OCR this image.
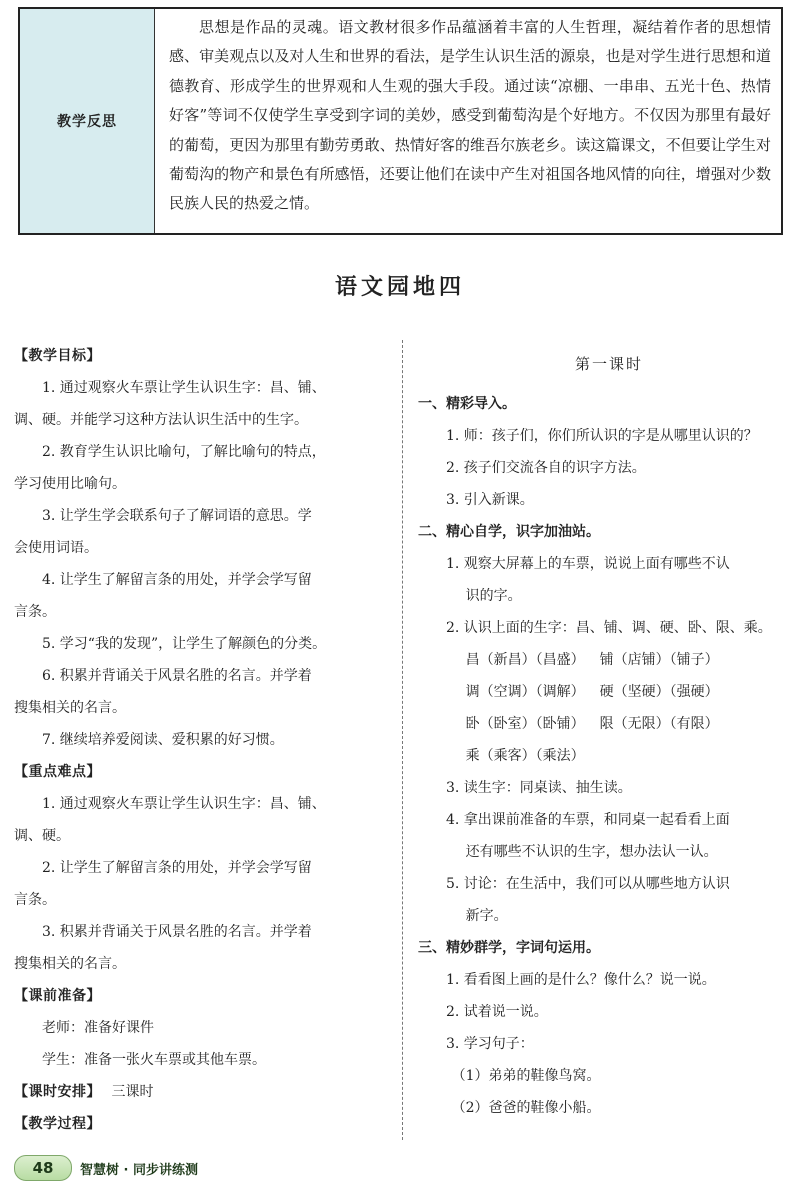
教学反思

思想是作品的灵魂。语文教材很多作品蕴涵着丰富的人生哲理，凝结着作者的思想情感、审美观点以及对人生和世界的看法，是学生认识生活的源泉，也是对学生进行思想和道德教育、形成学生的世界观和人生观的强大手段。通过读“凉棚、一串串、五光十色、热情好客”等词不仅使学生享受到字词的美妙，感受到葡萄沟是个好地方。不仅因为那里有最好的葡萄，更因为那里有勤劳勇敢、热情好客的维吾尔族老乡。读这篇课文，不但要让学生对葡萄沟的物产和景色有所感悟，还要让他们在读中产生对祖国各地风情的向往，增强对少数民族人民的热爱之情。

语文园地四
【教学目标】
1. 通过观察火车票让学生认识生字：昌、铺、
调、硬。并能学习这种方法认识生活中的生字。
2. 教育学生认识比喻句，了解比喻句的特点，
学习使用比喻句。
3. 让学生学会联系句子了解词语的意思。学
会使用词语。
4. 让学生了解留言条的用处，并学会学写留
言条。
5. 学习“我的发现”，让学生了解颜色的分类。
6. 积累并背诵关于风景名胜的名言。并学着
搜集相关的名言。
7. 继续培养爱阅读、爱积累的好习惯。
【重点难点】
1. 通过观察火车票让学生认识生字：昌、铺、
调、硬。
2. 让学生了解留言条的用处，并学会学写留
言条。
3. 积累并背诵关于风景名胜的名言。并学着
搜集相关的名言。
【课前准备】
老师：准备好课件
学生：准备一张火车票或其他车票。
【课时安排】 三课时
【教学过程】
第一课时
一、精彩导入。
1. 师：孩子们，你们所认识的字是从哪里认识的？
2. 孩子们交流各自的识字方法。
3. 引入新课。
二、精心自学，识字加油站。
1. 观察大屏幕上的车票，说说上面有哪些不认
识的字。
2. 认识上面的生字：昌、铺、调、硬、卧、限、乘。
昌（新昌）（昌盛） 铺（店铺）（铺子）
调（空调）（调解） 硬（坚硬）（强硬）
卧（卧室）（卧铺） 限（无限）（有限）
乘（乘客）（乘法）
3. 读生字：同桌读、抽生读。
4. 拿出课前准备的车票，和同桌一起看看上面
还有哪些不认识的生字，想办法认一认。
5. 讨论：在生活中，我们可以从哪些地方认识
新字。
三、精妙群学，字词句运用。
1. 看看图上画的是什么？像什么？说一说。
2. 试着说一说。
3. 学习句子：
（1）弟弟的鞋像鸟窝。
（2）爸爸的鞋像小船。
48	智慧树 · 同步讲练测
